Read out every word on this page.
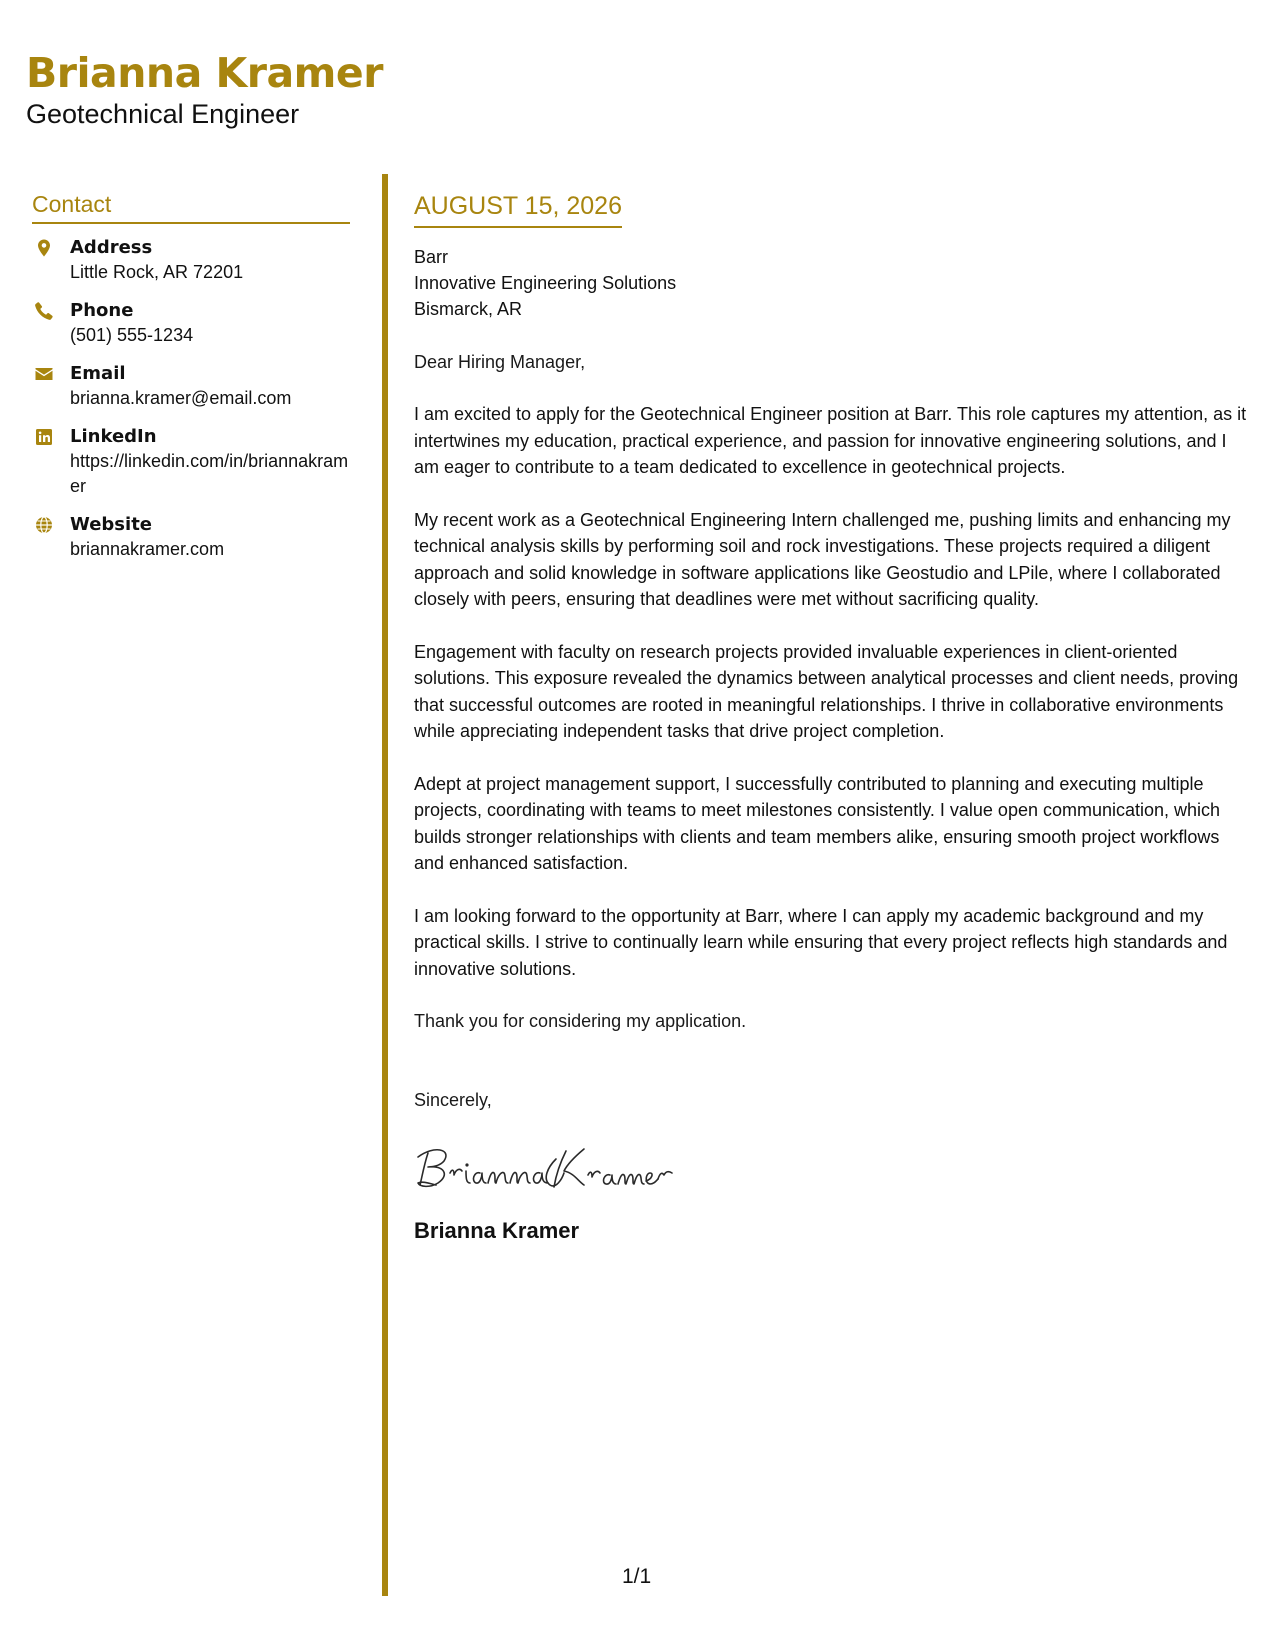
Brianna Kramer
Geotechnical Engineer
Contact
Address
Little Rock, AR 72201
Phone
(501) 555-1234
Email
brianna.kramer@email.com
LinkedIn
https://linkedin.com/in/briannakramer
Website
briannakramer.com
AUGUST 15, 2026
Barr
Innovative Engineering Solutions
Bismarck, AR
Dear Hiring Manager,
I am excited to apply for the Geotechnical Engineer position at Barr. This role captures my attention, as it intertwines my education, practical experience, and passion for innovative engineering solutions, and I am eager to contribute to a team dedicated to excellence in geotechnical projects.
My recent work as a Geotechnical Engineering Intern challenged me, pushing limits and enhancing my technical analysis skills by performing soil and rock investigations. These projects required a diligent approach and solid knowledge in software applications like Geostudio and LPile, where I collaborated closely with peers, ensuring that deadlines were met without sacrificing quality.
Engagement with faculty on research projects provided invaluable experiences in client-oriented solutions. This exposure revealed the dynamics between analytical processes and client needs, proving that successful outcomes are rooted in meaningful relationships. I thrive in collaborative environments while appreciating independent tasks that drive project completion.
Adept at project management support, I successfully contributed to planning and executing multiple projects, coordinating with teams to meet milestones consistently. I value open communication, which builds stronger relationships with clients and team members alike, ensuring smooth project workflows and enhanced satisfaction.
I am looking forward to the opportunity at Barr, where I can apply my academic background and my practical skills. I strive to continually learn while ensuring that every project reflects high standards and innovative solutions.
Thank you for considering my application.
Sincerely,
Brianna Kramer
1/1
